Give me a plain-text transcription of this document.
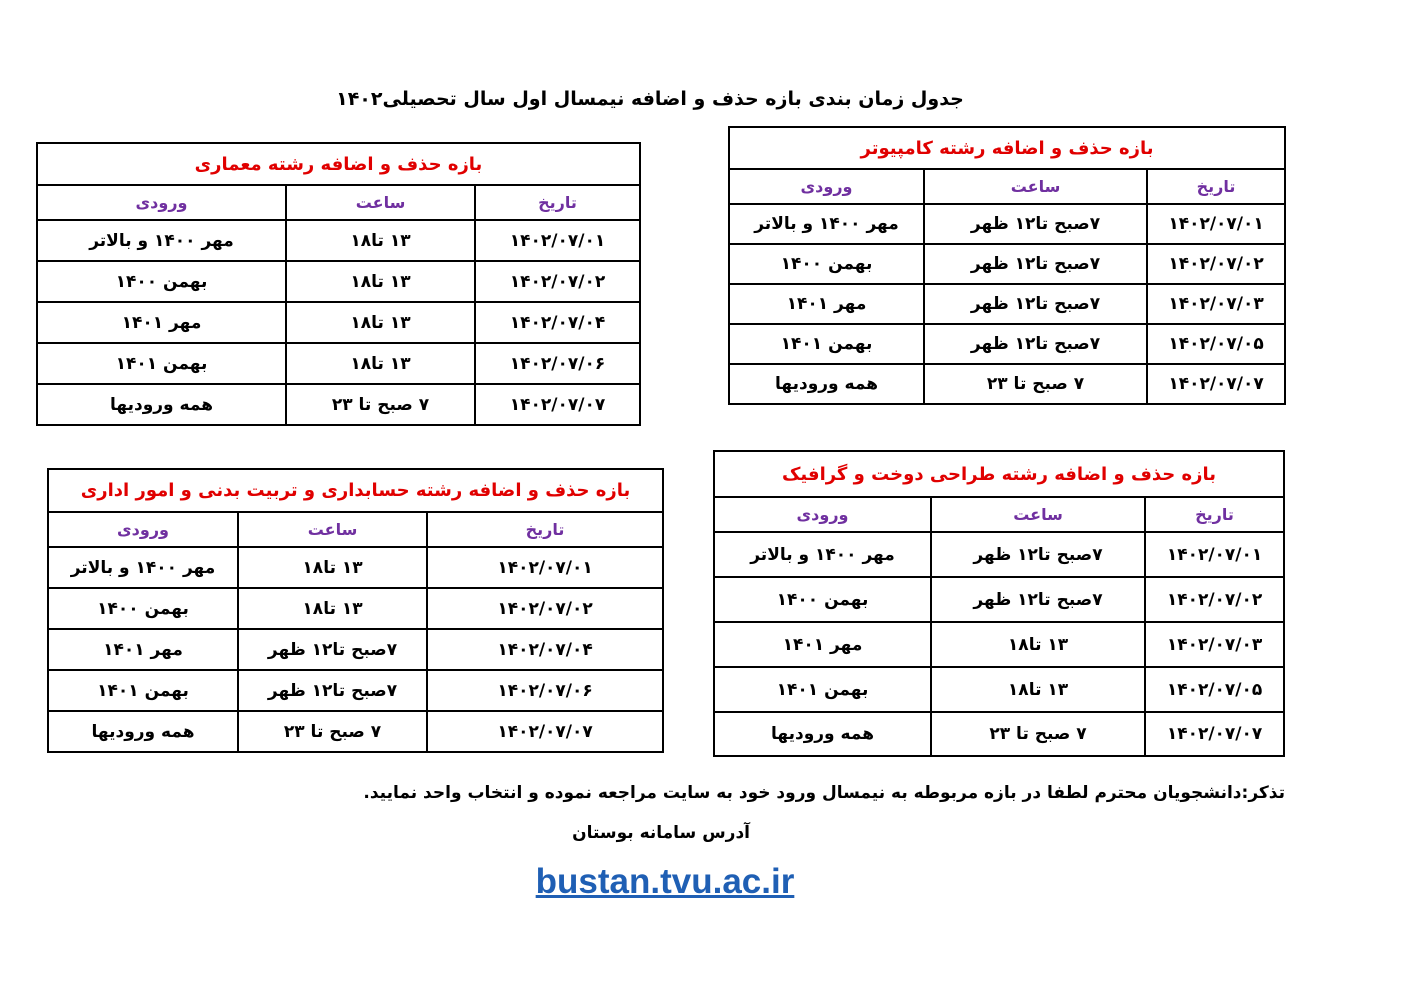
جدول زمان بندی بازه حذف و اضافه نیمسال اول سال تحصیلی۱۴۰۲
بازه حذف و اضافه رشته کامپیوتر		
تاریخ	ساعت	ورودی
۱۴۰۲/۰۷/۰۱	۷صبح تا۱۲ ظهر	مهر ۱۴۰۰ و بالاتر
۱۴۰۲/۰۷/۰۲	۷صبح تا۱۲ ظهر	بهمن ۱۴۰۰
۱۴۰۲/۰۷/۰۳	۷صبح تا۱۲ ظهر	مهر ۱۴۰۱
۱۴۰۲/۰۷/۰۵	۷صبح تا۱۲ ظهر	بهمن ۱۴۰۱
۱۴۰۲/۰۷/۰۷	۷ صبح تا ۲۳	همه ورودیها
بازه حذف و اضافه رشته معماری		
تاریخ	ساعت	ورودی
۱۴۰۲/۰۷/۰۱	۱۳ تا۱۸	مهر ۱۴۰۰ و بالاتر
۱۴۰۲/۰۷/۰۲	۱۳ تا۱۸	بهمن ۱۴۰۰
۱۴۰۲/۰۷/۰۴	۱۳ تا۱۸	مهر ۱۴۰۱
۱۴۰۲/۰۷/۰۶	۱۳ تا۱۸	بهمن ۱۴۰۱
۱۴۰۲/۰۷/۰۷	۷ صبح تا ۲۳	همه ورودیها
بازه حذف و اضافه رشته حسابداری و تربیت بدنی و امور اداری		
تاریخ	ساعت	ورودی
۱۴۰۲/۰۷/۰۱	۱۳ تا۱۸	مهر ۱۴۰۰ و بالاتر
۱۴۰۲/۰۷/۰۲	۱۳ تا۱۸	بهمن ۱۴۰۰
۱۴۰۲/۰۷/۰۴	۷صبح تا۱۲ ظهر	مهر ۱۴۰۱
۱۴۰۲/۰۷/۰۶	۷صبح تا۱۲ ظهر	بهمن ۱۴۰۱
۱۴۰۲/۰۷/۰۷	۷ صبح تا ۲۳	همه ورودیها
بازه حذف و اضافه رشته طراحی دوخت و گرافیک		
تاریخ	ساعت	ورودی
۱۴۰۲/۰۷/۰۱	۷صبح تا۱۲ ظهر	مهر ۱۴۰۰ و بالاتر
۱۴۰۲/۰۷/۰۲	۷صبح تا۱۲ ظهر	بهمن ۱۴۰۰
۱۴۰۲/۰۷/۰۳	۱۳ تا۱۸	مهر ۱۴۰۱
۱۴۰۲/۰۷/۰۵	۱۳ تا۱۸	بهمن ۱۴۰۱
۱۴۰۲/۰۷/۰۷	۷ صبح تا ۲۳	همه ورودیها
تذکر:دانشجویان محترم لطفا در بازه مربوطه به نیمسال ورود خود به سایت مراجعه نموده و انتخاب واحد نمایید.
آدرس سامانه بوستان
bustan.tvu.ac.ir
